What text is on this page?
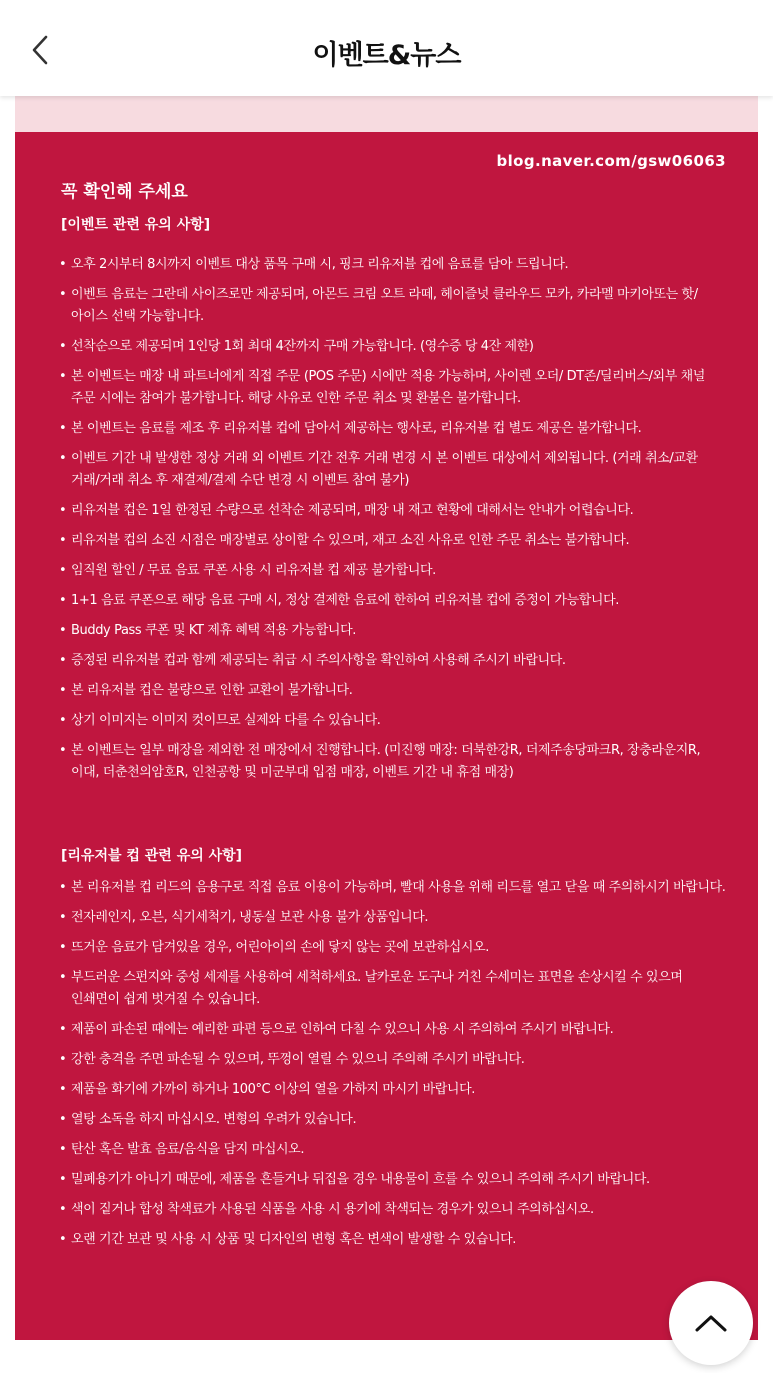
이벤트&뉴스
blog.naver.com/gsw06063
꼭 확인해 주세요
[이벤트 관련 유의 사항]
• 오후 2시부터 8시까지 이벤트 대상 품목 구매 시, 핑크 리유저블 컵에 음료를 담아 드립니다.
• 이벤트 음료는 그란데 사이즈로만 제공되며, 아몬드 크림 오트 라떼, 헤이즐넛 클라우드 모카, 카라멜 마키아또는 핫/아이스 선택 가능합니다.
• 선착순으로 제공되며 1인당 1회 최대 4잔까지 구매 가능합니다. (영수증 당 4잔 제한)
• 본 이벤트는 매장 내 파트너에게 직접 주문 (POS 주문) 시에만 적용 가능하며, 사이렌 오더/ DT존/딜리버스/외부 채널 주문 시에는 참여가 불가합니다. 해당 사유로 인한 주문 취소 및 환불은 불가합니다.
• 본 이벤트는 음료를 제조 후 리유저블 컵에 담아서 제공하는 행사로, 리유저블 컵 별도 제공은 불가합니다.
• 이벤트 기간 내 발생한 정상 거래 외 이벤트 기간 전후 거래 변경 시 본 이벤트 대상에서 제외됩니다. (거래 취소/교환 거래/거래 취소 후 재결제/결제 수단 변경 시 이벤트 참여 불가)
• 리유저블 컵은 1일 한정된 수량으로 선착순 제공되며, 매장 내 재고 현황에 대해서는 안내가 어렵습니다.
• 리유저블 컵의 소진 시점은 매장별로 상이할 수 있으며, 재고 소진 사유로 인한 주문 취소는 불가합니다.
• 임직원 할인 / 무료 음료 쿠폰 사용 시 리유저블 컵 제공 불가합니다.
• 1+1 음료 쿠폰으로 해당 음료 구매 시, 정상 결제한 음료에 한하여 리유저블 컵에 증정이 가능합니다.
• Buddy Pass 쿠폰 및 KT 제휴 혜택 적용 가능합니다.
• 증정된 리유저블 컵과 함께 제공되는 취급 시 주의사항을 확인하여 사용해 주시기 바랍니다.
• 본 리유저블 컵은 불량으로 인한 교환이 불가합니다.
• 상기 이미지는 이미지 컷이므로 실제와 다를 수 있습니다.
• 본 이벤트는 일부 매장을 제외한 전 매장에서 진행합니다. (미진행 매장: 더북한강R, 더제주송당파크R, 장충라운지R, 이대, 더춘천의암호R, 인천공항 및 미군부대 입점 매장, 이벤트 기간 내 휴점 매장)
[리유저블 컵 관련 유의 사항]
• 본 리유저블 컵 리드의 음용구로 직접 음료 이용이 가능하며, 빨대 사용을 위해 리드를 열고 닫을 때 주의하시기 바랍니다.
• 전자레인지, 오븐, 식기세척기, 냉동실 보관 사용 불가 상품입니다.
• 뜨거운 음료가 담겨있을 경우, 어린아이의 손에 닿지 않는 곳에 보관하십시오.
• 부드러운 스펀지와 중성 세제를 사용하여 세척하세요. 날카로운 도구나 거친 수세미는 표면을 손상시킬 수 있으며 인쇄면이 쉽게 벗겨질 수 있습니다.
• 제품이 파손된 때에는 예리한 파편 등으로 인하여 다칠 수 있으니 사용 시 주의하여 주시기 바랍니다.
• 강한 충격을 주면 파손될 수 있으며, 뚜껑이 열릴 수 있으니 주의해 주시기 바랍니다.
• 제품을 화기에 가까이 하거나 100°C 이상의 열을 가하지 마시기 바랍니다.
• 열탕 소독을 하지 마십시오. 변형의 우려가 있습니다.
• 탄산 혹은 발효 음료/음식을 담지 마십시오.
• 밀폐용기가 아니기 때문에, 제품을 흔들거나 뒤집을 경우 내용물이 흐를 수 있으니 주의해 주시기 바랍니다.
• 색이 짙거나 합성 착색료가 사용된 식품을 사용 시 용기에 착색되는 경우가 있으니 주의하십시오.
• 오랜 기간 보관 및 사용 시 상품 및 디자인의 변형 혹은 변색이 발생할 수 있습니다.
